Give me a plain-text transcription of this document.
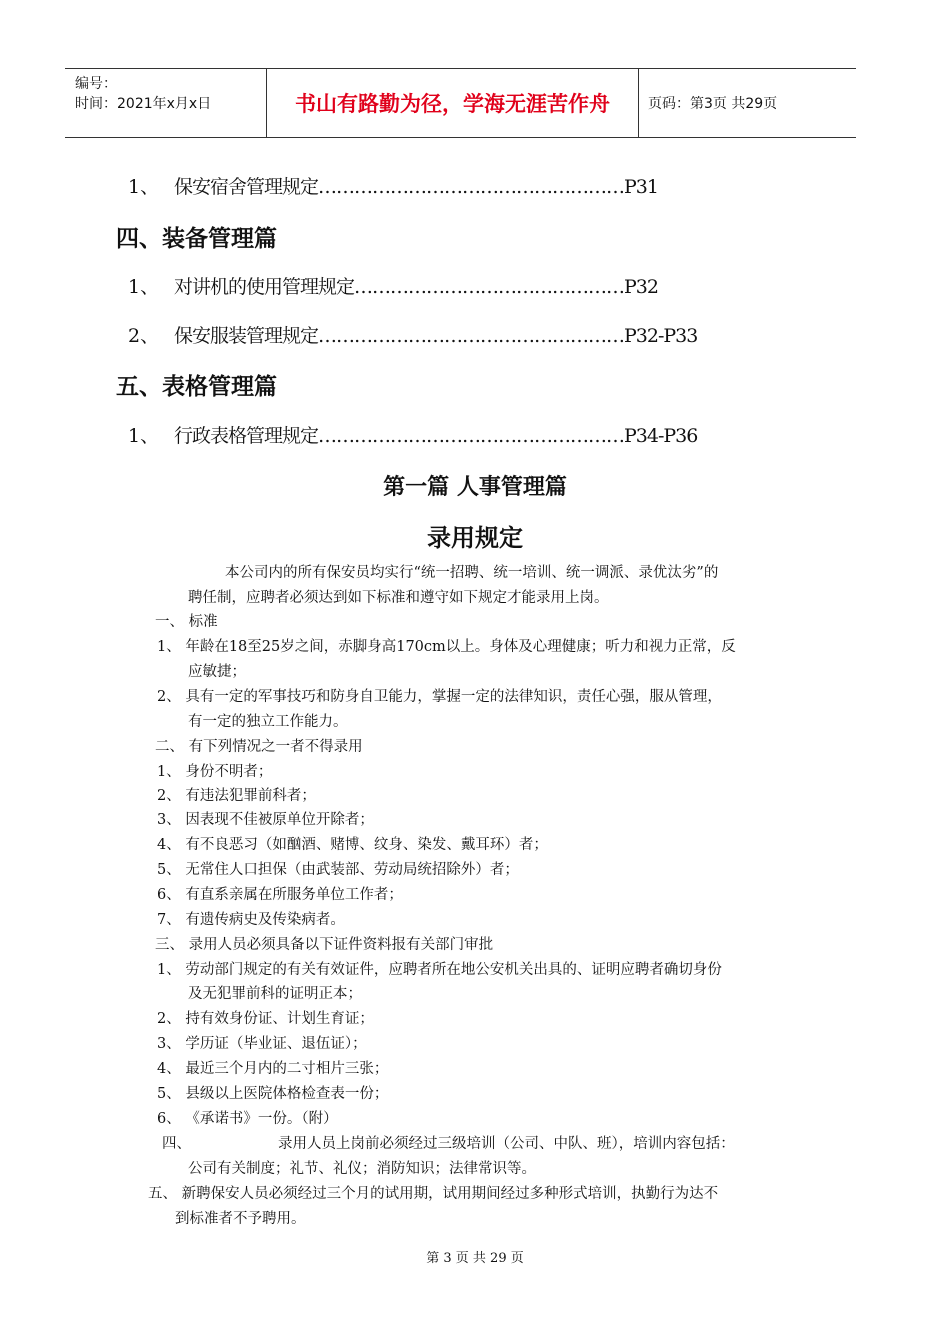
编号：
时间：2021年x月x日	书山有路勤为径，学海无涯苦作舟	页码：第3页 共29页
1、 保安宿舍管理规定……………………………………………P31
四、装备管理篇
1、 对讲机的使用管理规定………………………………………P32
2、 保安服装管理规定……………………………………………P32-P33
五、表格管理篇
1、 行政表格管理规定……………………………………………P34-P36
第一篇 人事管理篇
录用规定
本公司内的所有保安员均实行“统一招聘、统一培训、统一调派、录优汰劣”的
聘任制，应聘者必须达到如下标准和遵守如下规定才能录用上岗。
一、 标准
1、 年龄在18至25岁之间，赤脚身高170cm以上。身体及心理健康；听力和视力正常，反
应敏捷；
2、 具有一定的军事技巧和防身自卫能力，掌握一定的法律知识，责任心强，服从管理，
有一定的独立工作能力。
二、 有下列情况之一者不得录用
1、 身份不明者；
2、 有违法犯罪前科者；
3、 因表现不佳被原单位开除者；
4、 有不良恶习（如酗酒、赌博、纹身、染发、戴耳环）者；
5、 无常住人口担保（由武装部、劳动局统招除外）者；
6、 有直系亲属在所服务单位工作者；
7、 有遗传病史及传染病者。
三、 录用人员必须具备以下证件资料报有关部门审批
1、 劳动部门规定的有关有效证件，应聘者所在地公安机关出具的、证明应聘者确切身份
及无犯罪前科的证明正本；
2、 持有效身份证、计划生育证；
3、 学历证（毕业证、退伍证）；
4、 最近三个月内的二寸相片三张；
5、 县级以上医院体格检查表一份；
6、 《承诺书》一份。（附）
四、	录用人员上岗前必须经过三级培训（公司、中队、班），培训内容包括：
公司有关制度；礼节、礼仪；消防知识；法律常识等。
五、 新聘保安人员必须经过三个月的试用期，试用期间经过多种形式培训，执勤行为达不
到标准者不予聘用。
第 3 页 共 29 页
